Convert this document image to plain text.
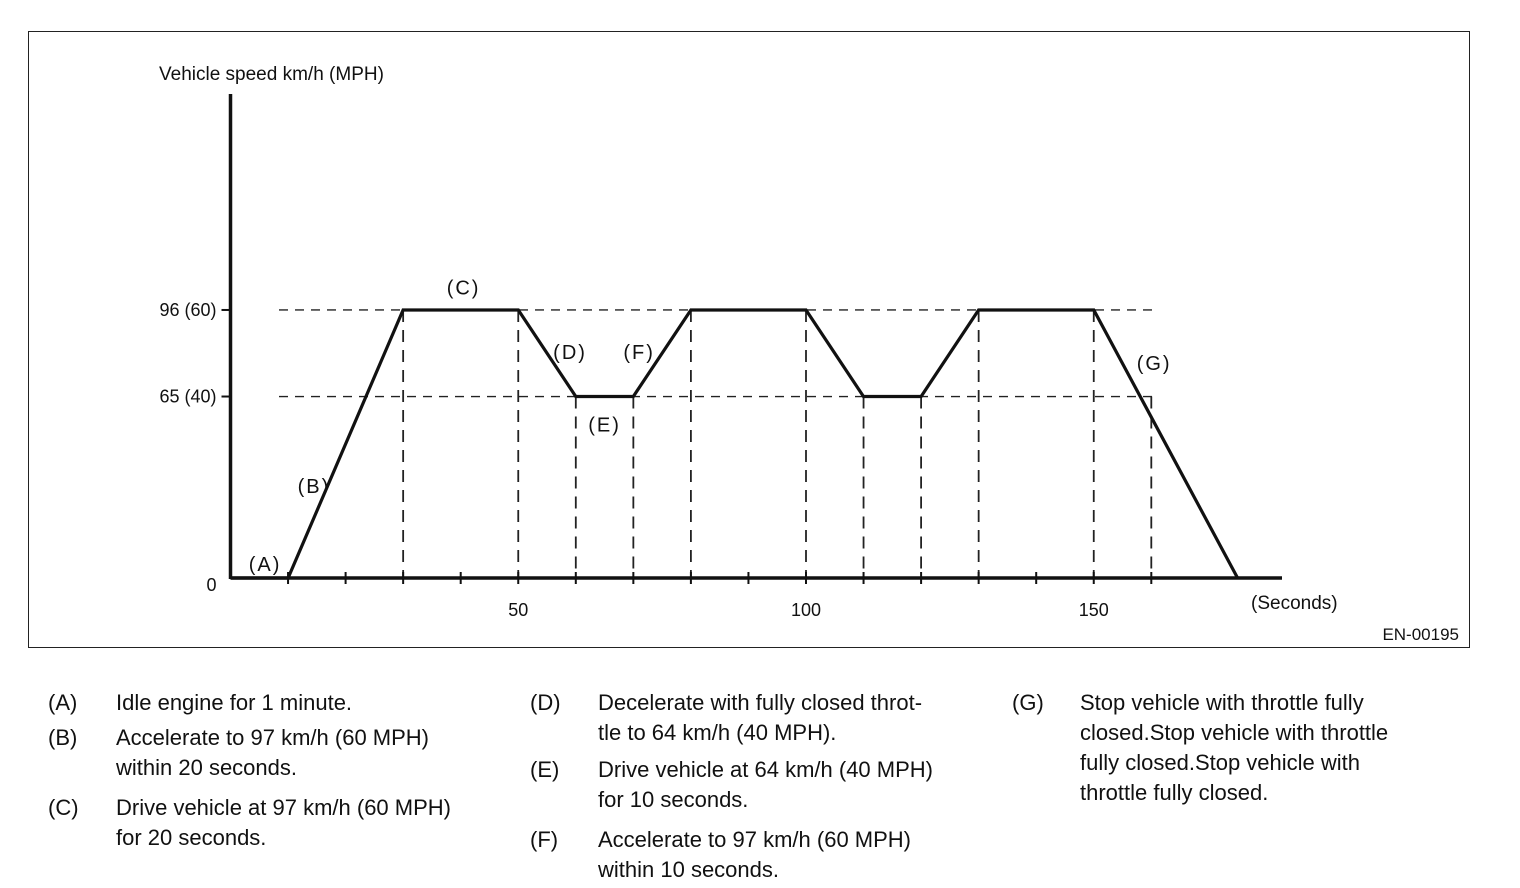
0
65 (40)
96 (60)
50	100	150
Vehicle speed km/h (MPH)
(Seconds)
EN-00195
(A)
(B)
(C)
(D) (F)
(E)
(G)
(A) Idle engine for 1 minute.
(B) Accelerate to 97 km/h (60 MPH)
within 20 seconds.
(C) Drive vehicle at 97 km/h (60 MPH)
for 20 seconds.
(D) Decelerate with fully closed throt-
tle to 64 km/h (40 MPH).
(E) Drive vehicle at 64 km/h (40 MPH)
for 10 seconds.
(F) Accelerate to 97 km/h (60 MPH)
within 10 seconds.
(G) Stop vehicle with throttle fully
closed.Stop vehicle with throttle
fully closed.Stop vehicle with
throttle fully closed.
